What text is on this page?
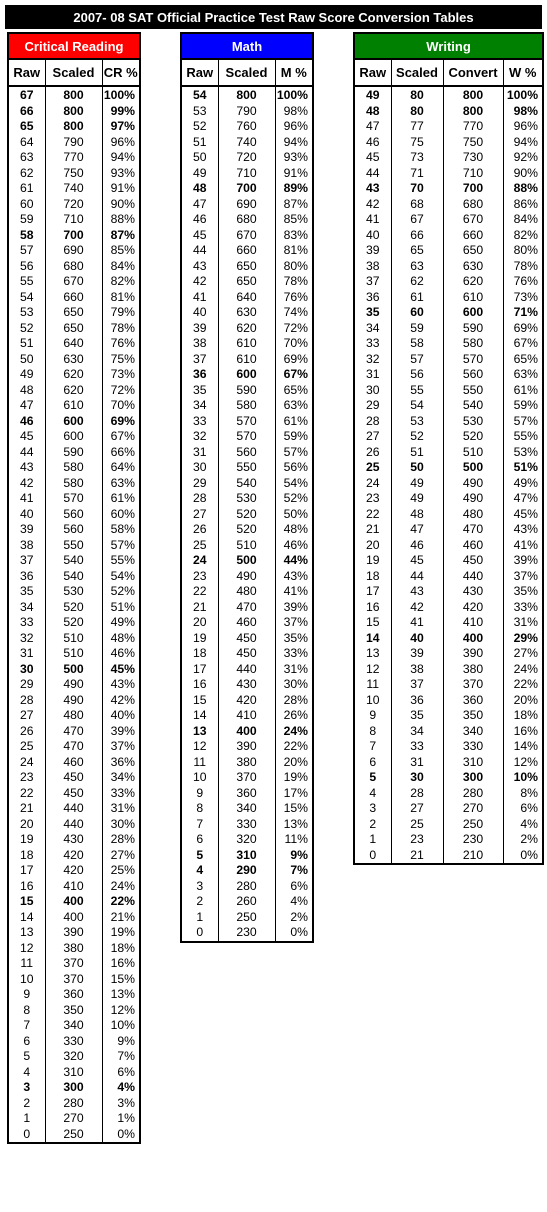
2007- 08 SAT Official Practice Test Raw Score Conversion Tables
Critical Reading		
Raw	Scaled	CR %
67	800	100%
66	800	99%
65	800	97%
64	790	96%
63	770	94%
62	750	93%
61	740	91%
60	720	90%
59	710	88%
58	700	87%
57	690	85%
56	680	84%
55	670	82%
54	660	81%
53	650	79%
52	650	78%
51	640	76%
50	630	75%
49	620	73%
48	620	72%
47	610	70%
46	600	69%
45	600	67%
44	590	66%
43	580	64%
42	580	63%
41	570	61%
40	560	60%
39	560	58%
38	550	57%
37	540	55%
36	540	54%
35	530	52%
34	520	51%
33	520	49%
32	510	48%
31	510	46%
30	500	45%
29	490	43%
28	490	42%
27	480	40%
26	470	39%
25	470	37%
24	460	36%
23	450	34%
22	450	33%
21	440	31%
20	440	30%
19	430	28%
18	420	27%
17	420	25%
16	410	24%
15	400	22%
14	400	21%
13	390	19%
12	380	18%
11	370	16%
10	370	15%
9	360	13%
8	350	12%
7	340	10%
6	330	9%
5	320	7%
4	310	6%
3	300	4%
2	280	3%
1	270	1%
0	250	0%
Math		
Raw	Scaled	M %
54	800	100%
53	790	98%
52	760	96%
51	740	94%
50	720	93%
49	710	91%
48	700	89%
47	690	87%
46	680	85%
45	670	83%
44	660	81%
43	650	80%
42	650	78%
41	640	76%
40	630	74%
39	620	72%
38	610	70%
37	610	69%
36	600	67%
35	590	65%
34	580	63%
33	570	61%
32	570	59%
31	560	57%
30	550	56%
29	540	54%
28	530	52%
27	520	50%
26	520	48%
25	510	46%
24	500	44%
23	490	43%
22	480	41%
21	470	39%
20	460	37%
19	450	35%
18	450	33%
17	440	31%
16	430	30%
15	420	28%
14	410	26%
13	400	24%
12	390	22%
11	380	20%
10	370	19%
9	360	17%
8	340	15%
7	330	13%
6	320	11%
5	310	9%
4	290	7%
3	280	6%
2	260	4%
1	250	2%
0	230	0%
Writing			
Raw	Scaled	Convert	W %
49	80	800	100%
48	80	800	98%
47	77	770	96%
46	75	750	94%
45	73	730	92%
44	71	710	90%
43	70	700	88%
42	68	680	86%
41	67	670	84%
40	66	660	82%
39	65	650	80%
38	63	630	78%
37	62	620	76%
36	61	610	73%
35	60	600	71%
34	59	590	69%
33	58	580	67%
32	57	570	65%
31	56	560	63%
30	55	550	61%
29	54	540	59%
28	53	530	57%
27	52	520	55%
26	51	510	53%
25	50	500	51%
24	49	490	49%
23	49	490	47%
22	48	480	45%
21	47	470	43%
20	46	460	41%
19	45	450	39%
18	44	440	37%
17	43	430	35%
16	42	420	33%
15	41	410	31%
14	40	400	29%
13	39	390	27%
12	38	380	24%
11	37	370	22%
10	36	360	20%
9	35	350	18%
8	34	340	16%
7	33	330	14%
6	31	310	12%
5	30	300	10%
4	28	280	8%
3	27	270	6%
2	25	250	4%
1	23	230	2%
0	21	210	0%
